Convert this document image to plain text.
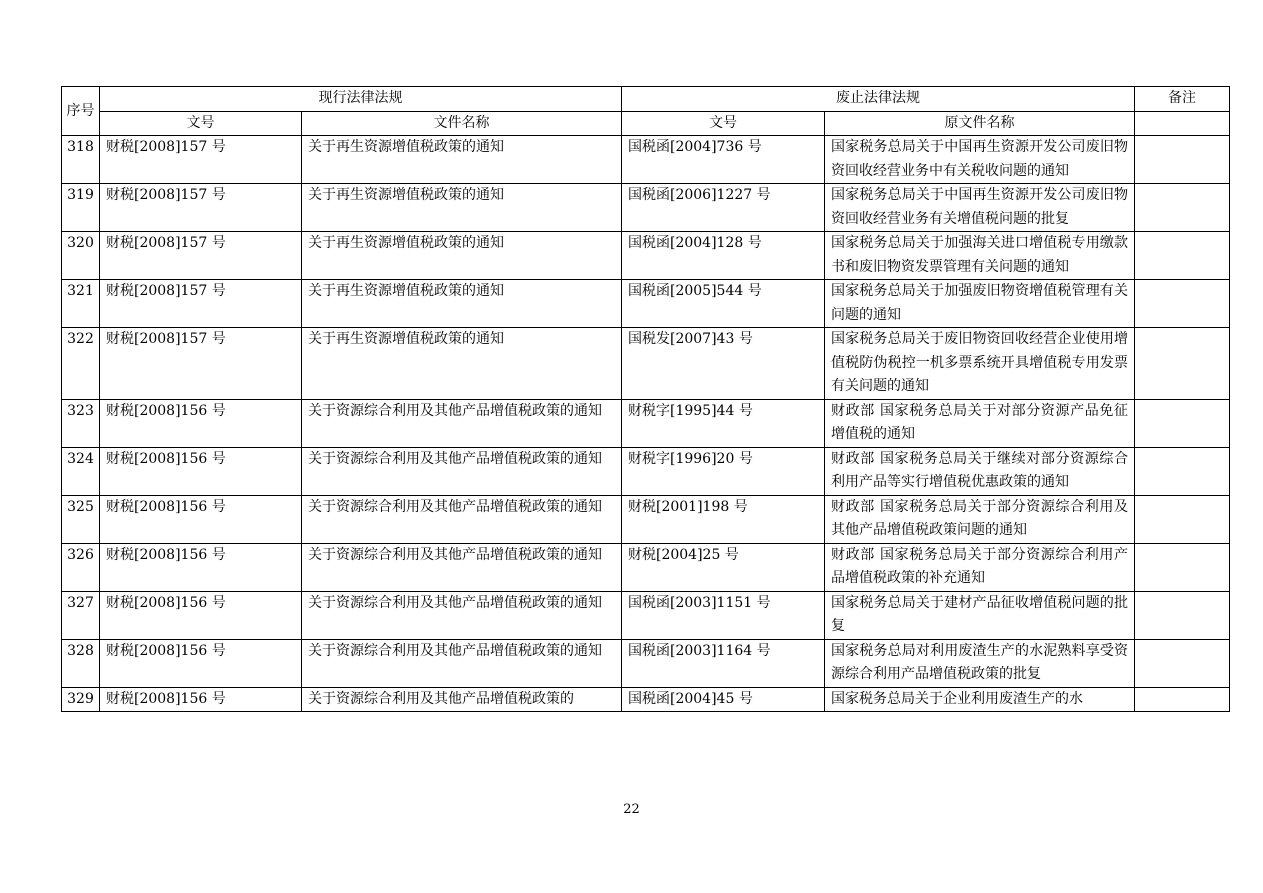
序号	现行法律法规		废止法律法规		备注
	文号	文件名称	文号	原文件名称	
318	财税[2008]157 号	关于再生资源增值税政策的通知	国税函[2004]736 号	国家税务总局关于中国再生资源开发公司废旧物资回收经营业务中有关税收问题的通知	
319	财税[2008]157 号	关于再生资源增值税政策的通知	国税函[2006]1227 号	国家税务总局关于中国再生资源开发公司废旧物资回收经营业务有关增值税问题的批复	
320	财税[2008]157 号	关于再生资源增值税政策的通知	国税函[2004]128 号	国家税务总局关于加强海关进口增值税专用缴款书和废旧物资发票管理有关问题的通知	
321	财税[2008]157 号	关于再生资源增值税政策的通知	国税函[2005]544 号	国家税务总局关于加强废旧物资增值税管理有关问题的通知	
322	财税[2008]157 号	关于再生资源增值税政策的通知	国税发[2007]43 号	国家税务总局关于废旧物资回收经营企业使用增值税防伪税控一机多票系统开具增值税专用发票有关问题的通知	
323	财税[2008]156 号	关于资源综合利用及其他产品增值税政策的通知	财税字[1995]44 号	财政部 国家税务总局关于对部分资源产品免征增值税的通知	
324	财税[2008]156 号	关于资源综合利用及其他产品增值税政策的通知	财税字[1996]20 号	财政部 国家税务总局关于继续对部分资源综合利用产品等实行增值税优惠政策的通知	
325	财税[2008]156 号	关于资源综合利用及其他产品增值税政策的通知	财税[2001]198 号	财政部 国家税务总局关于部分资源综合利用及其他产品增值税政策问题的通知	
326	财税[2008]156 号	关于资源综合利用及其他产品增值税政策的通知	财税[2004]25 号	财政部 国家税务总局关于部分资源综合利用产品增值税政策的补充通知	
327	财税[2008]156 号	关于资源综合利用及其他产品增值税政策的通知	国税函[2003]1151 号	国家税务总局关于建材产品征收增值税问题的批复	
328	财税[2008]156 号	关于资源综合利用及其他产品增值税政策的通知	国税函[2003]1164 号	国家税务总局对利用废渣生产的水泥熟料享受资源综合利用产品增值税政策的批复	
329	财税[2008]156 号	关于资源综合利用及其他产品增值税政策的	国税函[2004]45 号	国家税务总局关于企业利用废渣生产的水	
22
